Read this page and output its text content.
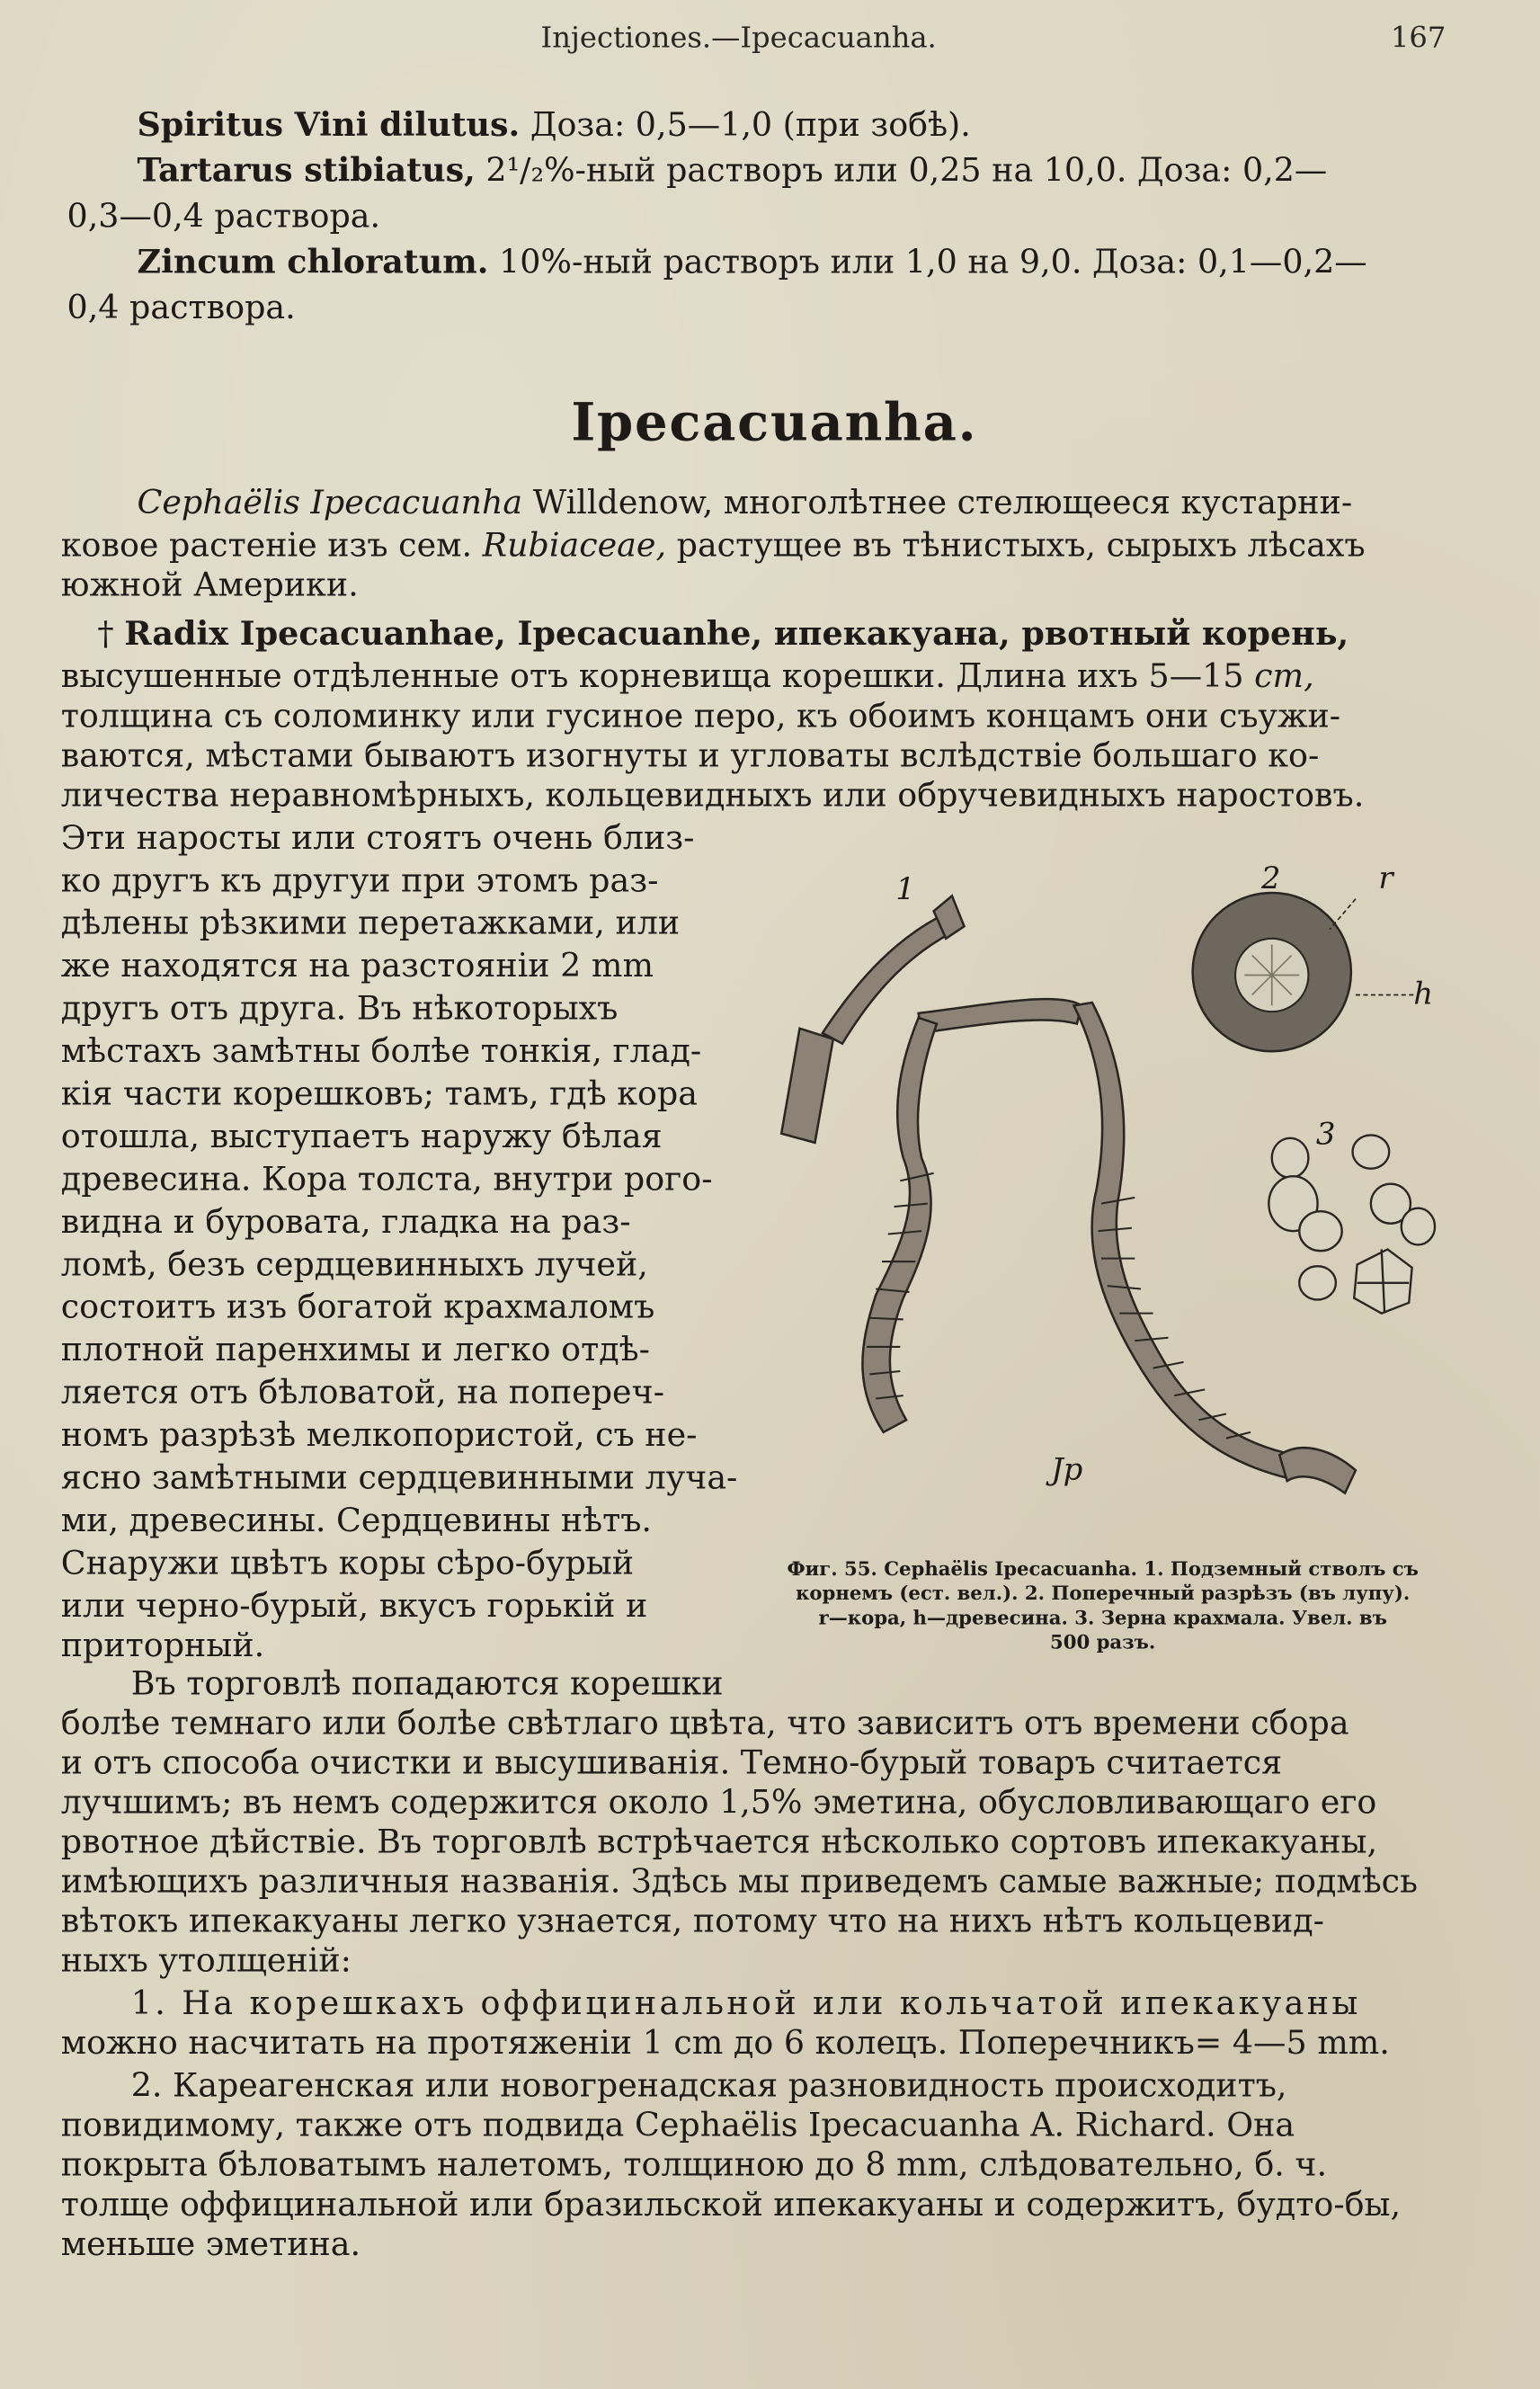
Injectiones.—Ipecacuanha.	167
Spiritus Vini dilutus. Доза: 0,5—1,0 (при зобѣ).
Tartarus stibiatus, 2¹/₂%-ный растворъ или 0,25 на 10,0. Доза: 0,2—
0,3—0,4 раствора.
Zincum chloratum. 10%-ный растворъ или 1,0 на 9,0. Доза: 0,1—0,2—
0,4 раствора.
Ipecacuanha.
Cephaёlis Ipecacuanha Willdenow, многолѣтнее стелющееся кустарни-
ковое растеніе изъ сем. Rubiaceae, растущее въ тѣнистыхъ, сырыхъ лѣсахъ
южной Америки.
† Radix Ipecacuanhae, Ipecacuanhe, ипекакуана, рвотный корень,
высушенные отдѣленные отъ корневища корешки. Длина ихъ 5—15 cm,
толщина съ соломинку или гусиное перо, къ обоимъ концамъ они съужи-
ваются, мѣстами бываютъ изогнуты и угловаты вслѣдствіе большаго ко-
личества неравномѣрныхъ, кольцевидныхъ или обручевидныхъ наростовъ.
Эти наросты или стоятъ очень близ-
ко другъ къ другуи при этомъ раз-
дѣлены рѣзкими перетажками, или
же находятся на разстояніи 2 mm
другъ отъ друга. Въ нѣкоторыхъ
мѣстахъ замѣтны болѣе тонкія, глад-
кія части корешковъ; тамъ, гдѣ кора
отошла, выступаетъ наружу бѣлая
древесина. Кора толста, внутри рого-
видна и буровата, гладка на раз-
ломѣ, безъ сердцевинныхъ лучей,
состоитъ изъ богатой крахмаломъ
плотной паренхимы и легко отдѣ-
ляется отъ бѣловатой, на попереч-
номъ разрѣзѣ мелкопористой, съ не-
ясно замѣтными сердцевинными луча-
ми, древесины. Сердцевины нѣтъ.
Снаружи цвѣтъ коры сѣро-бурый
или черно-бурый, вкусъ горькій и
приторный.
1	2	r
h
3
Jp
Фиг. 55. Cephaёlis Ipecacuanha. 1. Подземный стволъ съ
корнемъ (ест. вел.). 2. Поперечный разрѣзъ (въ лупу).
r—кора, h—древесина. 3. Зерна крахмала. Увел. въ
500 разъ.
Въ торговлѣ попадаются корешки
болѣе темнаго или болѣе свѣтлаго цвѣта, что зависитъ отъ времени сбора
и отъ способа очистки и высушиванія. Темно-бурый товаръ считается
лучшимъ; въ немъ содержится около 1,5% эметина, обусловливающаго его
рвотное дѣйствіе. Въ торговлѣ встрѣчается нѣсколько сортовъ ипекакуаны,
имѣющихъ различныя названія. Здѣсь мы приведемъ самые важные; подмѣсь
вѣтокъ ипекакуаны легко узнается, потому что на нихъ нѣтъ кольцевид-
ныхъ утолщеній:
1. На корешкахъ оффицинальной или кольчатой ипекакуаны
можно насчитать на протяженіи 1 cm до 6 колецъ. Поперечникъ= 4—5 mm.
2. Кареагенская или новогренадская разновидность происходитъ,
повидимому, также отъ подвида Cephaёlis Ipecacuanha A. Richard. Она
покрыта бѣловатымъ налетомъ, толщиною до 8 mm, слѣдовательно, б. ч.
толще оффицинальной или бразильской ипекакуаны и содержитъ, будто-бы,
меньше эметина.
